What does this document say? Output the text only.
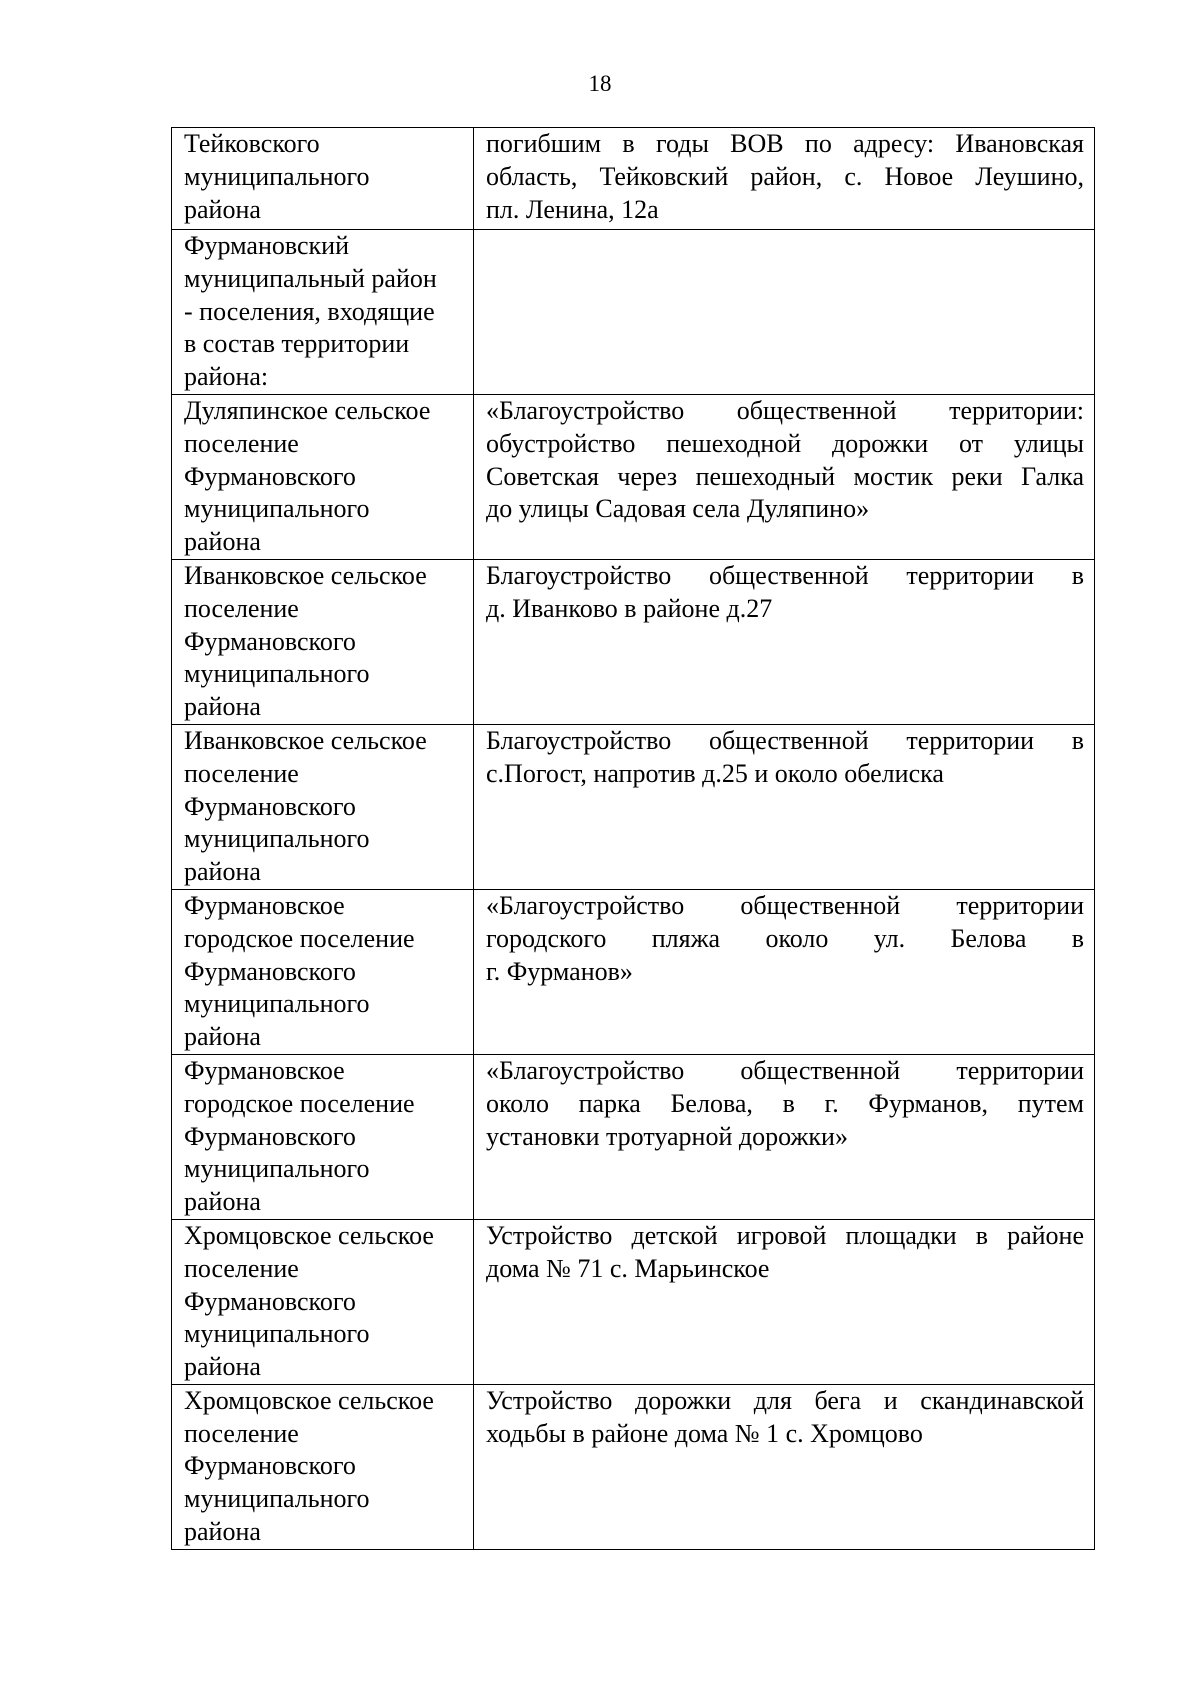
18
Тейковского
муниципального
района	погибшим в годы ВОВ по адресу: Ивановская
область, Тейковский район, с. Новое Леушино,
пл. Ленина, 12а

Фурмановский
муниципальный район
- поселения, входящие
в состав территории
района:	
Дуляпинское сельское
поселение
Фурмановского
муниципального
района	«Благоустройство общественной территории:
обустройство пешеходной дорожки от улицы
Советская через пешеходный мостик реки Галка
до улицы Садовая села Дуляпино»

Иванковское сельское
поселение
Фурмановского
муниципального
района	Благоустройство общественной территории в
д. Иванково в районе д.27

Иванковское сельское
поселение
Фурмановского
муниципального
района	Благоустройство общественной территории в
с.Погост, напротив д.25 и около обелиска

Фурмановское
городское поселение
Фурмановского
муниципального
района	«Благоустройство общественной территории
городского пляжа около ул. Белова в
г. Фурманов»

Фурмановское
городское поселение
Фурмановского
муниципального
района	«Благоустройство общественной территории
около парка Белова, в г. Фурманов, путем
установки тротуарной дорожки»

Хромцовское сельское
поселение
Фурмановского
муниципального
района	Устройство детской игровой площадки в районе
дома № 71 с. Марьинское

Хромцовское сельское
поселение
Фурмановского
муниципального
района	Устройство дорожки для бега и скандинавской
ходьбы в районе дома № 1 с. Хромцово
